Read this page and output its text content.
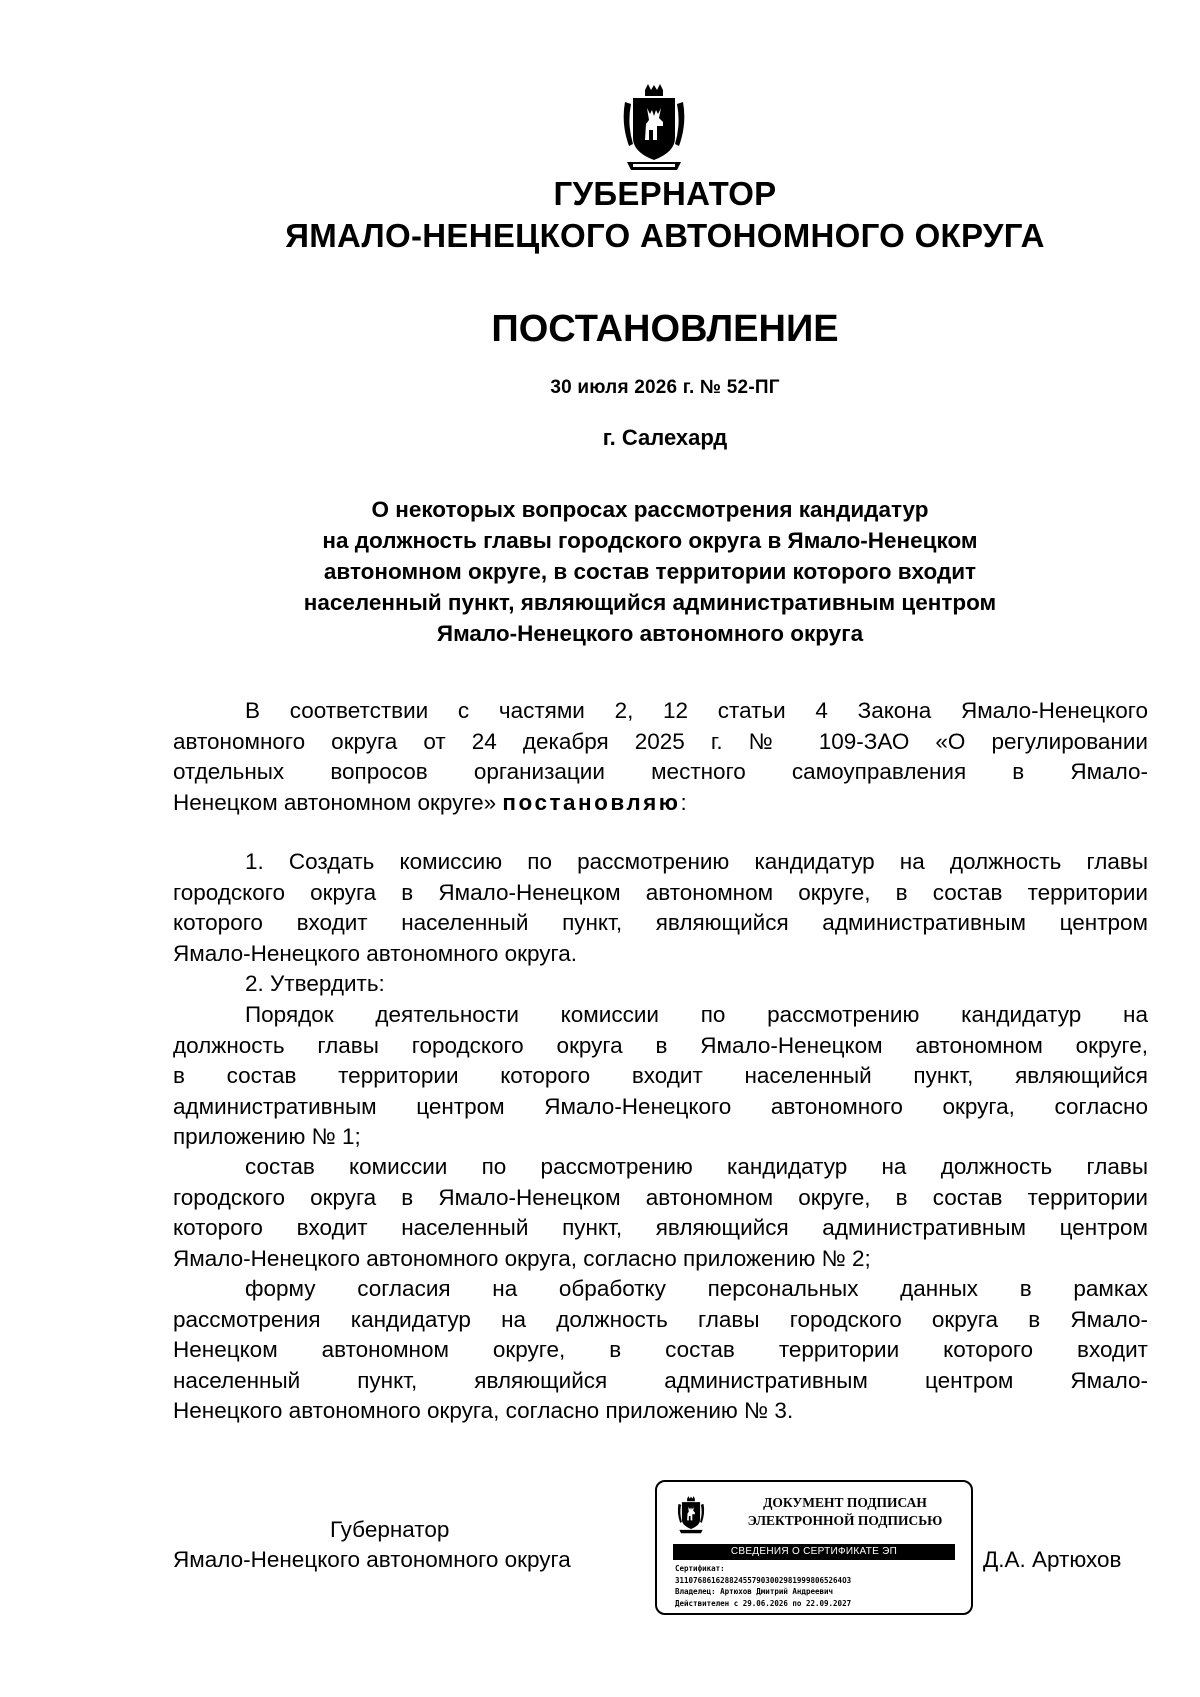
ГУБЕРНАТОР
ЯМАЛО-НЕНЕЦКОГО АВТОНОМНОГО ОКРУГА
ПОСТАНОВЛЕНИЕ
30 июля 2026 г. № 52-ПГ
г. Салехард
О некоторых вопросах рассмотрения кандидатур
на должность главы городского округа в Ямало-Ненецком
автономном округе, в состав территории которого входит
населенный пункт, являющийся административным центром
Ямало-Ненецкого автономного округа
В соответствии с частями 2, 12 статьи 4 Закона Ямало-Ненецкого
автономного округа от 24 декабря 2025 г. № 109-ЗАО «О регулировании
отдельных вопросов организации местного самоуправления в Ямало-
Ненецком автономном округе» постановляю:
1. Создать комиссию по рассмотрению кандидатур на должность главы
городского округа в Ямало-Ненецком автономном округе, в состав территории
которого входит населенный пункт, являющийся административным центром
Ямало-Ненецкого автономного округа.
2. Утвердить:
Порядок деятельности комиссии по рассмотрению кандидатур на
должность главы городского округа в Ямало-Ненецком автономном округе,
в состав территории которого входит населенный пункт, являющийся
административным центром Ямало-Ненецкого автономного округа, согласно
приложению № 1;
состав комиссии по рассмотрению кандидатур на должность главы
городского округа в Ямало-Ненецком автономном округе, в состав территории
которого входит населенный пункт, являющийся административным центром
Ямало-Ненецкого автономного округа, согласно приложению № 2;
форму согласия на обработку персональных данных в рамках
рассмотрения кандидатур на должность главы городского округа в Ямало-
Ненецком автономном округе, в состав территории которого входит
населенный пункт, являющийся административным центром Ямало-
Ненецкого автономного округа, согласно приложению № 3.
Губернатор
Ямало-Ненецкого автономного округа	Д.А. Артюхов
ДОКУМЕНТ ПОДПИСАН
ЭЛЕКТРОННОЙ ПОДПИСЬЮ
СВЕДЕНИЯ О СЕРТИФИКАТЕ ЭП
Сертификат:
3110768616288245579030029819998065264O3
Владелец: Артюхов Дмитрий Андреевич
Действителен с 29.06.2026 по 22.09.2027
